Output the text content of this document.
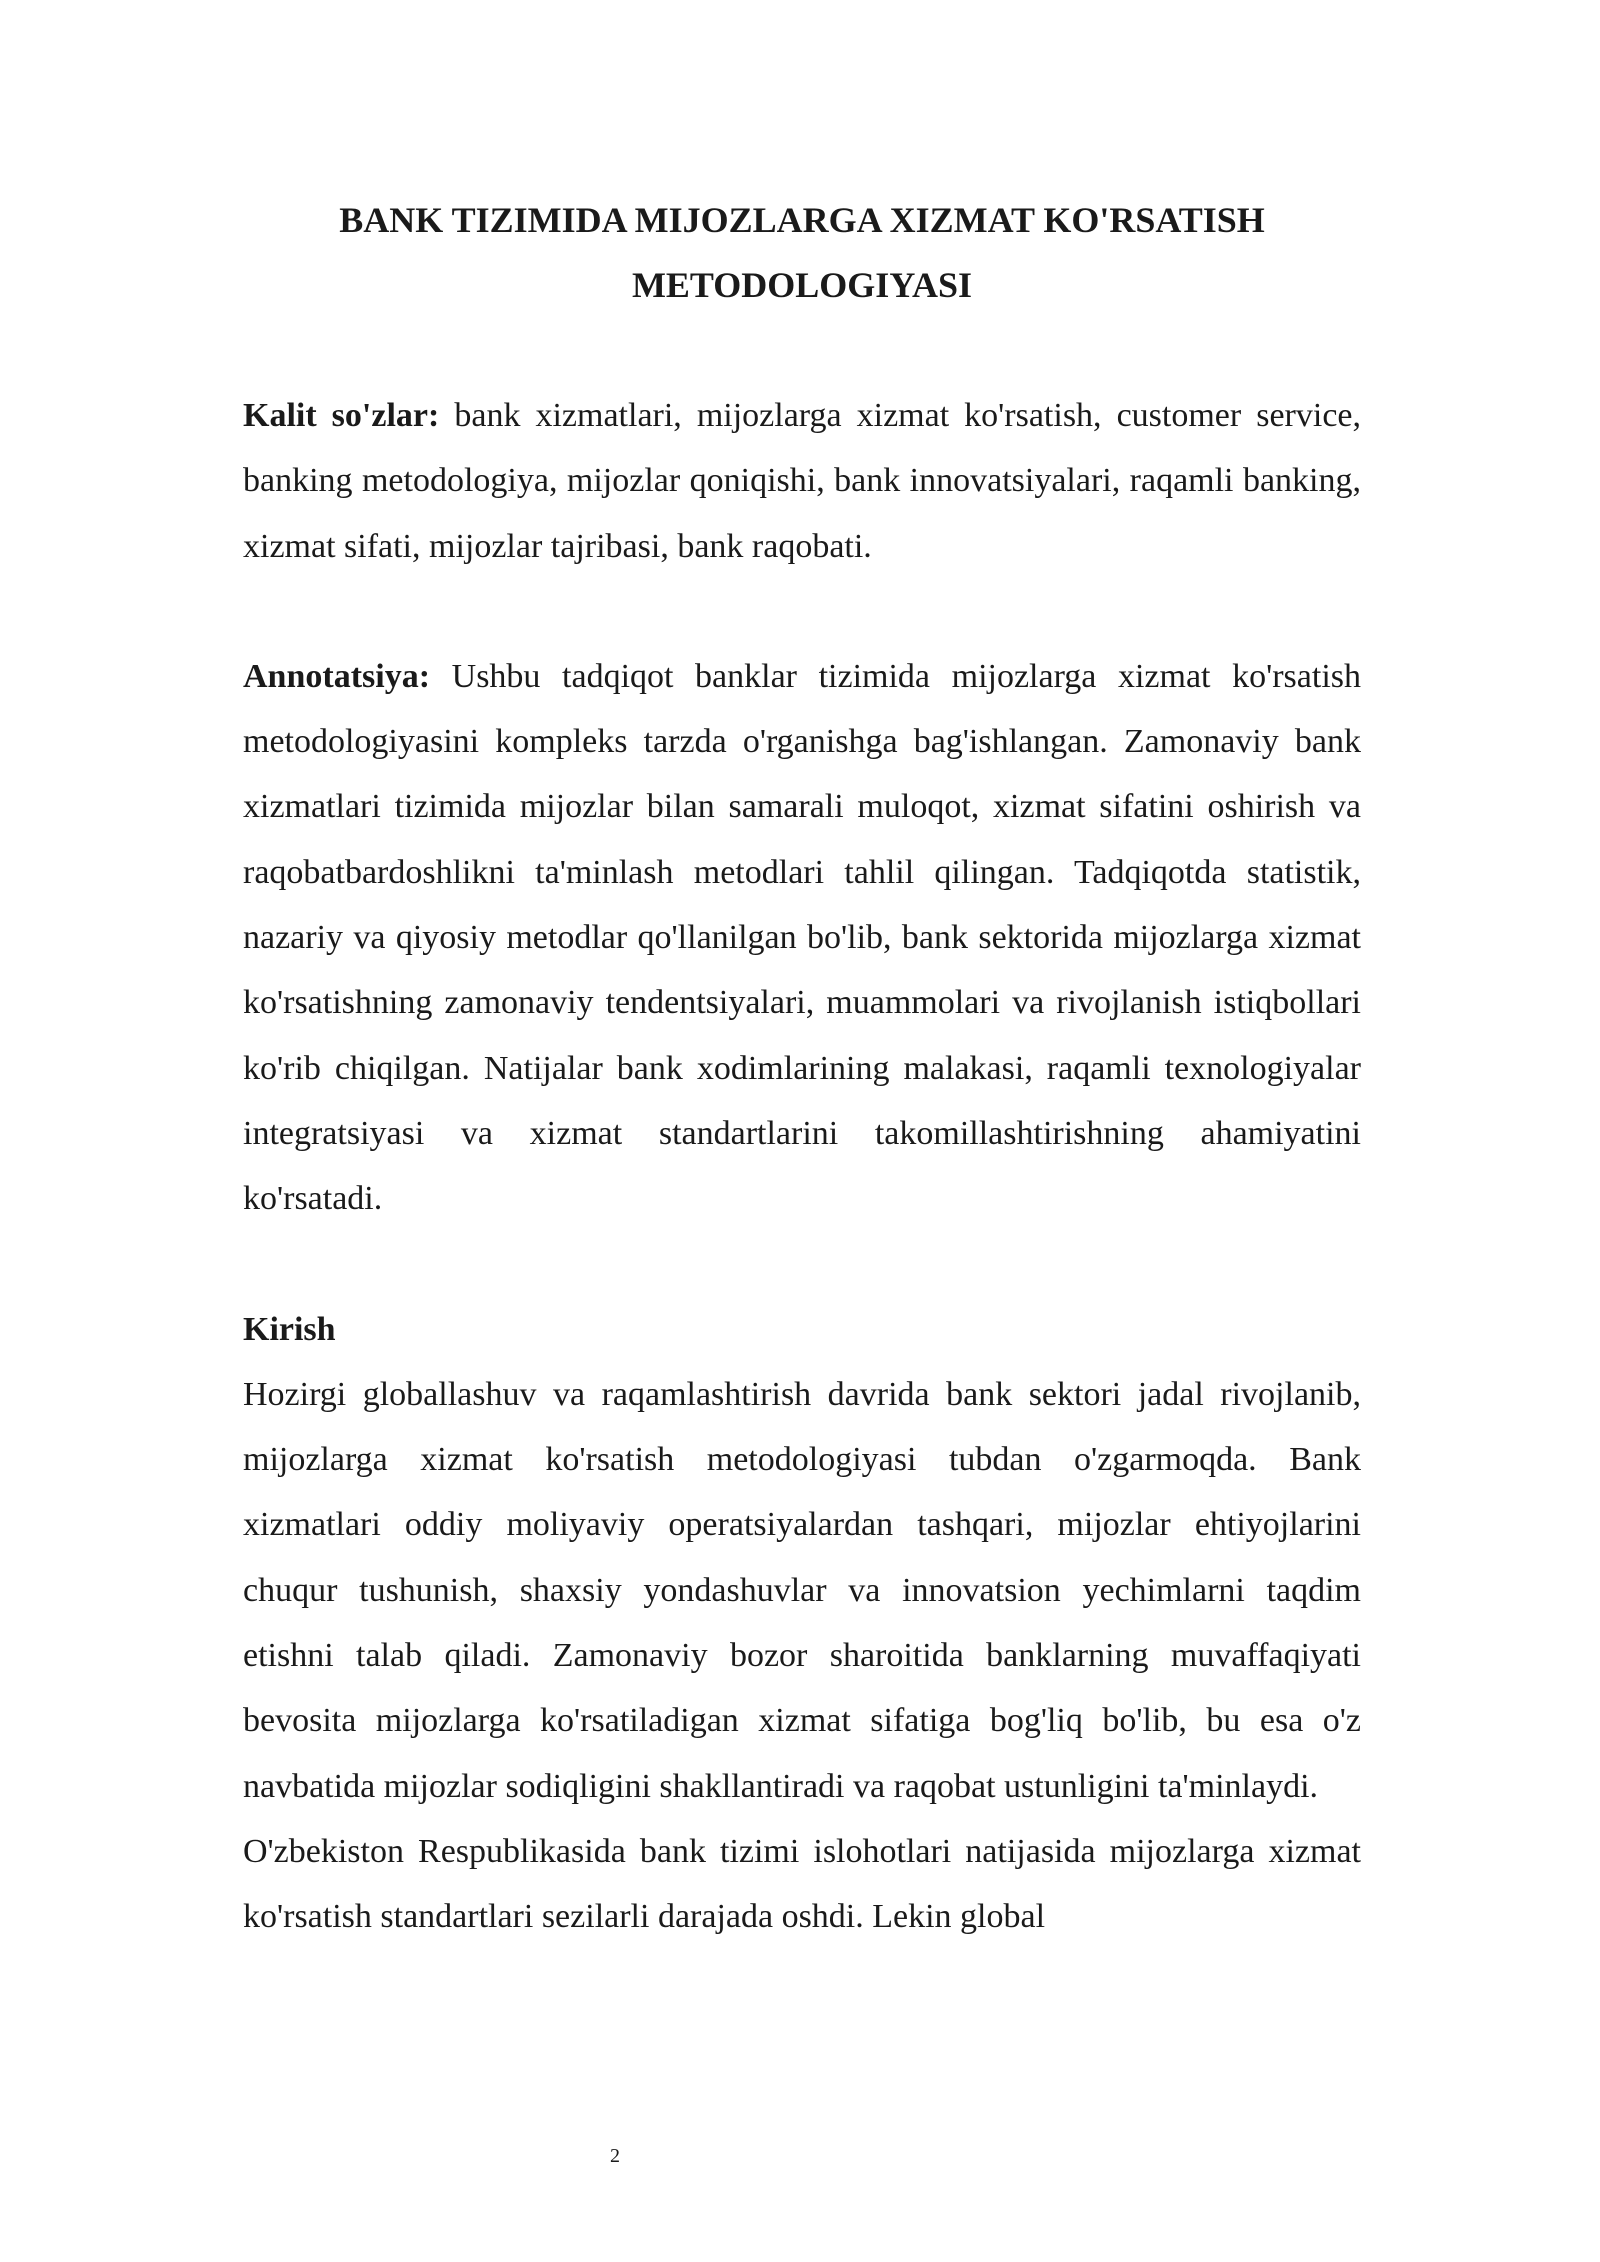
BANK TIZIMIDA MIJOZLARGA XIZMAT KO'RSATISH

METODOLOGIYASI

Kalit so'zlar: bank xizmatlari, mijozlarga xizmat ko'rsatish, customer service, banking metodologiya, mijozlar qoniqishi, bank innovatsiyalari, raqamli banking, xizmat sifati, mijozlar tajribasi, bank raqobati.

Annotatsiya: Ushbu tadqiqot banklar tizimida mijozlarga xizmat ko'rsatish metodologiyasini kompleks tarzda o'rganishga bag'ishlangan. Zamonaviy bank xizmatlari tizimida mijozlar bilan samarali muloqot, xizmat sifatini oshirish va raqobatbardoshlikni ta'minlash metodlari tahlil qilingan. Tadqiqotda statistik, nazariy va qiyosiy metodlar qo'llanilgan bo'lib, bank sektorida mijozlarga xizmat ko'rsatishning zamonaviy tendentsiyalari, muammolari va rivojlanish istiqbollari ko'rib chiqilgan. Natijalar bank xodimlarining malakasi, raqamli texnologiyalar integratsiyasi va xizmat standartlarini takomillashtirishning ahamiyatini ko'rsatadi.

Kirish

Hozirgi globallashuv va raqamlashtirish davrida bank sektori jadal rivojlanib, mijozlarga xizmat ko'rsatish metodologiyasi tubdan o'zgarmoqda. Bank xizmatlari oddiy moliyaviy operatsiyalardan tashqari, mijozlar ehtiyojlarini chuqur tushunish, shaxsiy yondashuvlar va innovatsion yechimlarni taqdim etishni talab qiladi. Zamonaviy bozor sharoitida banklarning muvaffaqiyati bevosita mijozlarga ko'rsatiladigan xizmat sifatiga bog'liq bo'lib, bu esa o'z navbatida mijozlar sodiqligini shakllantiradi va raqobat ustunligini ta'minlaydi.

O'zbekiston Respublikasida bank tizimi islohotlari natijasida mijozlarga xizmat ko'rsatish standartlari sezilarli darajada oshdi. Lekin global

2
